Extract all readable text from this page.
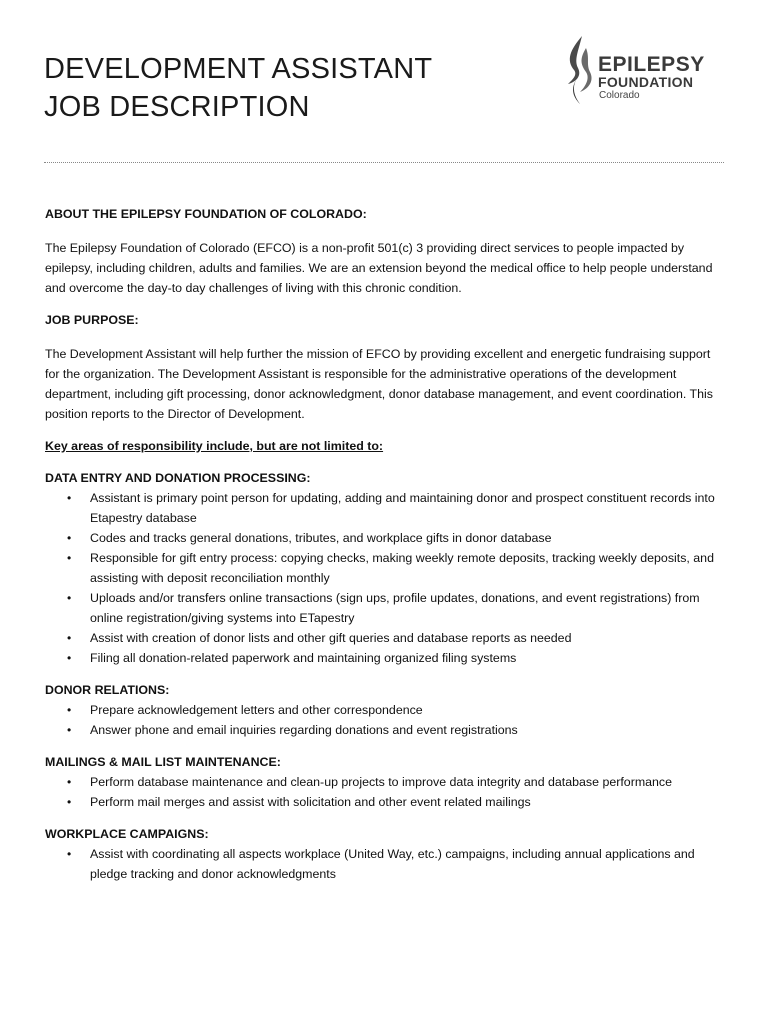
DEVELOPMENT ASSISTANT
JOB DESCRIPTION
EPILEPSY
FOUNDATION
Colorado

ABOUT THE EPILEPSY FOUNDATION OF COLORADO:

The Epilepsy Foundation of Colorado (EFCO) is a non-profit 501(c) 3 providing direct services to people impacted by epilepsy, including children, adults and families. We are an extension beyond the medical office to help people understand and overcome the day-to day challenges of living with this chronic condition.

JOB PURPOSE:

The Development Assistant will help further the mission of EFCO by providing excellent and energetic fundraising support for the organization. The Development Assistant is responsible for the administrative operations of the development department, including gift processing, donor acknowledgment, donor database management, and event coordination. This position reports to the Director of Development.

Key areas of responsibility include, but are not limited to:

DATA ENTRY AND DONATION PROCESSING:

• Assistant is primary point person for updating, adding and maintaining donor and prospect constituent records into Etapestry database
• Codes and tracks general donations, tributes, and workplace gifts in donor database
• Responsible for gift entry process: copying checks, making weekly remote deposits, tracking weekly deposits, and assisting with deposit reconciliation monthly
• Uploads and/or transfers online transactions (sign ups, profile updates, donations, and event registrations) from online registration/giving systems into ETapestry
• Assist with creation of donor lists and other gift queries and database reports as needed
• Filing all donation-related paperwork and maintaining organized filing systems

DONOR RELATIONS:

• Prepare acknowledgement letters and other correspondence
• Answer phone and email inquiries regarding donations and event registrations

MAILINGS & MAIL LIST MAINTENANCE:

• Perform database maintenance and clean-up projects to improve data integrity and database performance
• Perform mail merges and assist with solicitation and other event related mailings

WORKPLACE CAMPAIGNS:

• Assist with coordinating all aspects workplace (United Way, etc.) campaigns, including annual applications and pledge tracking and donor acknowledgments
